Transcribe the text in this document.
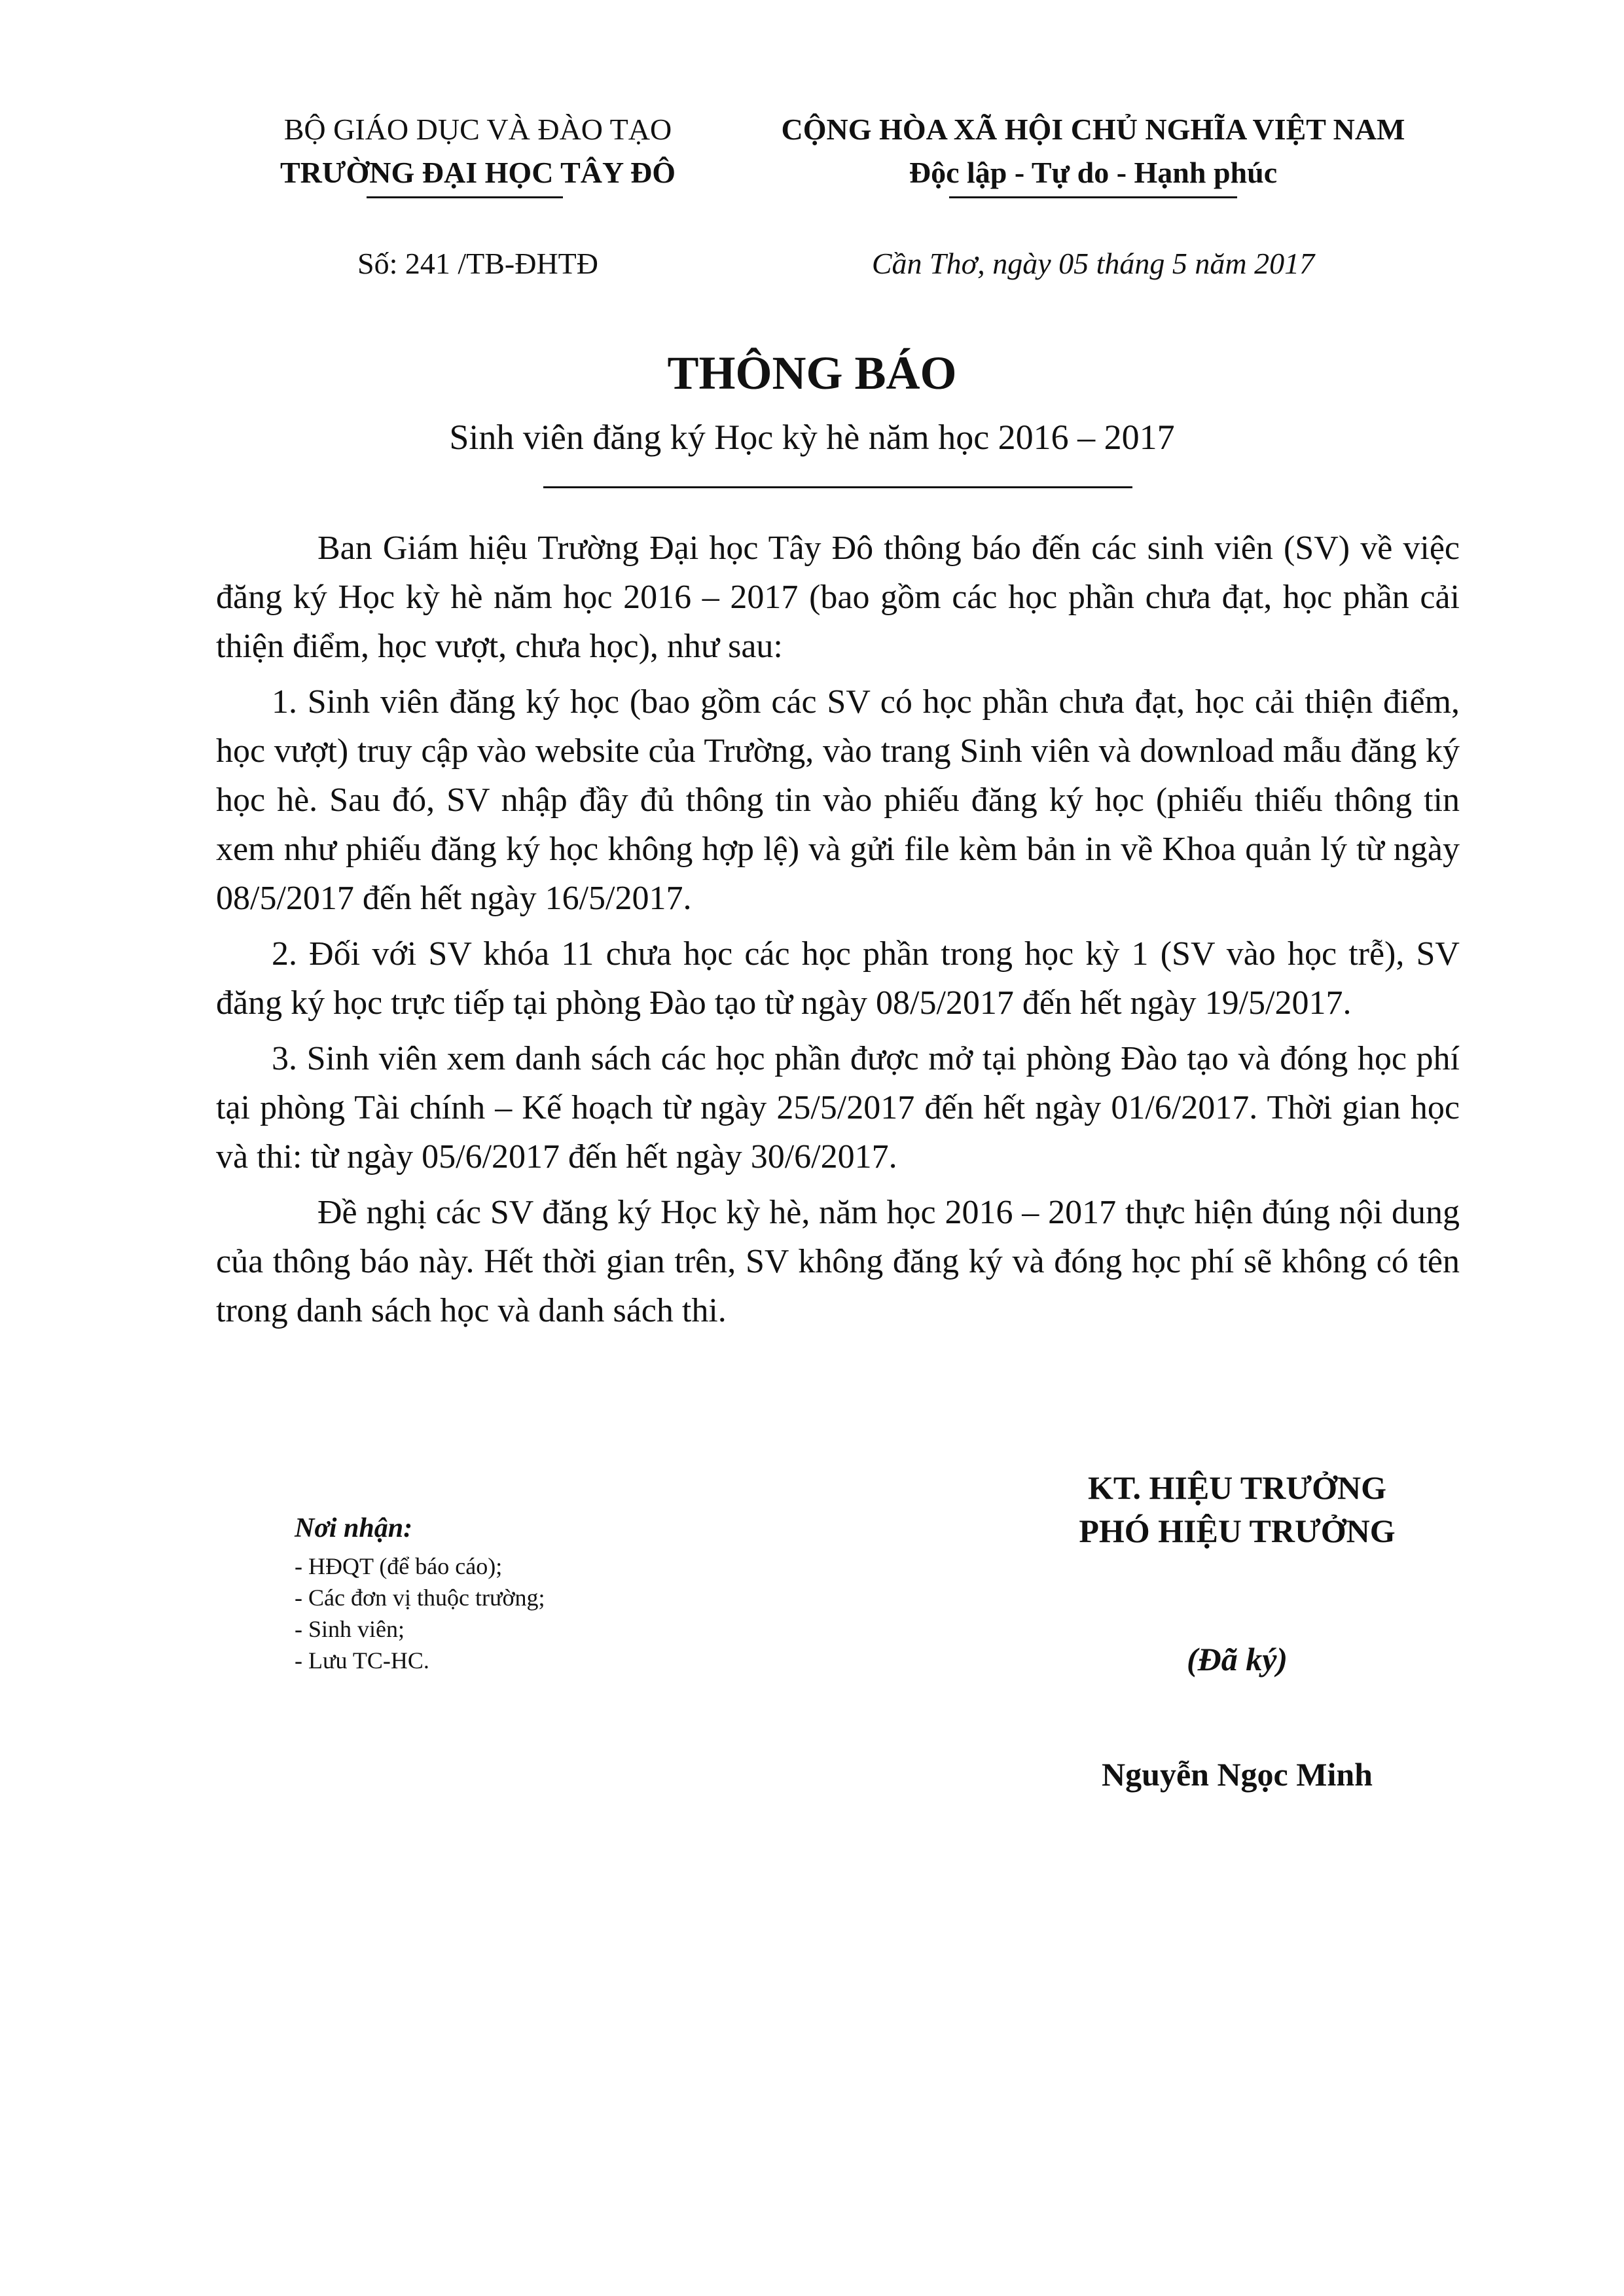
BỘ GIÁO DỤC VÀ ĐÀO TẠO
TRƯỜNG ĐẠI HỌC TÂY ĐÔ
CỘNG HÒA XÃ HỘI CHỦ NGHĨA VIỆT NAM
Độc lập - Tự do - Hạnh phúc
Số: 241 /TB-ĐHTĐ	Cần Thơ, ngày 05 tháng 5 năm 2017
THÔNG BÁO
Sinh viên đăng ký Học kỳ hè năm học 2016 – 2017

Ban Giám hiệu Trường Đại học Tây Đô thông báo đến các sinh viên (SV) về việc đăng ký Học kỳ hè năm học 2016 – 2017 (bao gồm các học phần chưa đạt, học phần cải thiện điểm, học vượt, chưa học), như sau:

1. Sinh viên đăng ký học (bao gồm các SV có học phần chưa đạt, học cải thiện điểm, học vượt) truy cập vào website của Trường, vào trang Sinh viên và download mẫu đăng ký học hè. Sau đó, SV nhập đầy đủ thông tin vào phiếu đăng ký học (phiếu thiếu thông tin xem như phiếu đăng ký học không hợp lệ) và gửi file kèm bản in về Khoa quản lý từ ngày 08/5/2017 đến hết ngày 16/5/2017.

2. Đối với SV khóa 11 chưa học các học phần trong học kỳ 1 (SV vào học trễ), SV đăng ký học trực tiếp tại phòng Đào tạo từ ngày 08/5/2017 đến hết ngày 19/5/2017.

3. Sinh viên xem danh sách các học phần được mở tại phòng Đào tạo và đóng học phí tại phòng Tài chính – Kế hoạch từ ngày 25/5/2017 đến hết ngày 01/6/2017. Thời gian học và thi: từ ngày 05/6/2017 đến hết ngày 30/6/2017.

Đề nghị các SV đăng ký Học kỳ hè, năm học 2016 – 2017 thực hiện đúng nội dung của thông báo này. Hết thời gian trên, SV không đăng ký và đóng học phí sẽ không có tên trong danh sách học và danh sách thi.

Nơi nhận:
- HĐQT (để báo cáo);
- Các đơn vị thuộc trường;
- Sinh viên;
- Lưu TC-HC.
KT. HIỆU TRƯỞNG
PHÓ HIỆU TRƯỞNG
(Đã ký)
Nguyễn Ngọc Minh
